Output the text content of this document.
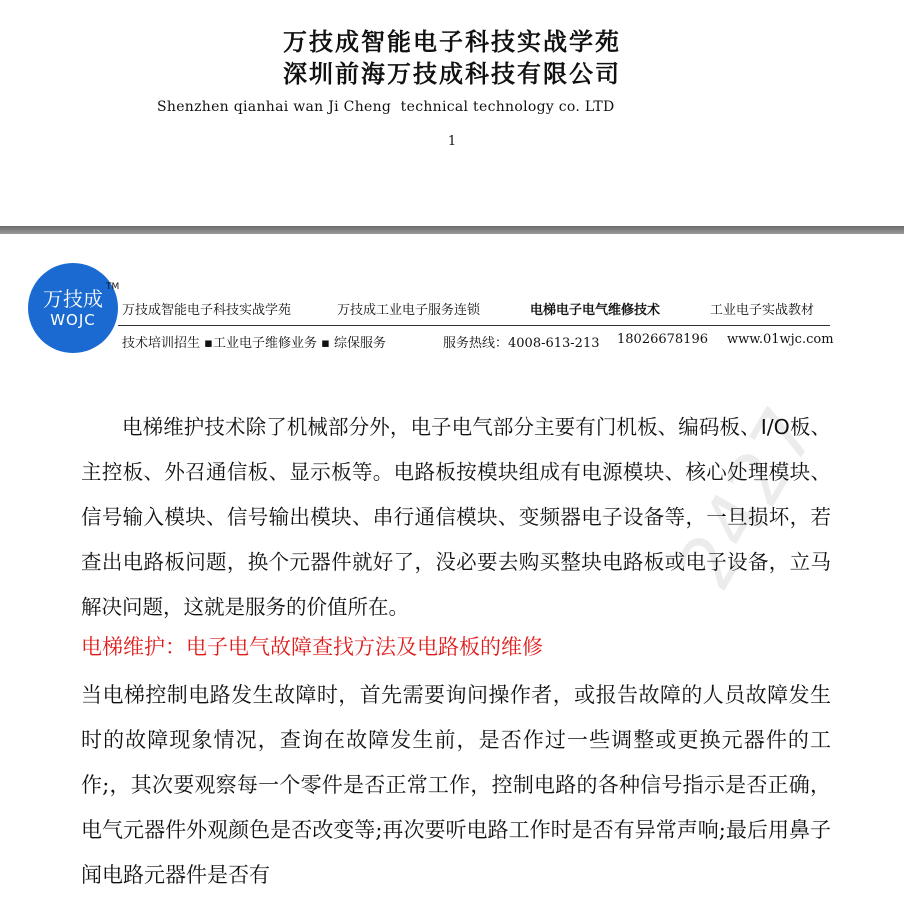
万技成智能电子科技实战学苑
深圳前海万技成科技有限公司
Shenzhen qianhai wan Ji Cheng  technical technology co. LTD
1
万技成
WOJC
TM
万技成智能电子科技实战学苑	万技成工业电子服务连锁	电梯电子电气维修技术	工业电子实战教材
技术培训招生 ▪工业电子维修业务 ▪ 综保服务	服务热线：4008-613-213 18026678196 www.01wjc.com
2427
电梯维护技术除了机械部分外，电子电气部分主要有门机板、编码板、I/O板、主控板、外召通信板、显示板等。电路板按模块组成有电源模块、核心处理模块、信号输入模块、信号输出模块、串行通信模块、变频器电子设备等，一旦损坏，若查出电路板问题，换个元器件就好了，没必要去购买整块电路板或电子设备，立马解决问题，这就是服务的价值所在。
电梯维护：电子电气故障查找方法及电路板的维修
当电梯控制电路发生故障时，首先需要询问操作者，或报告故障的人员故障发生时的故障现象情况，查询在故障发生前，是否作过一些调整或更换元器件的工作;，其次要观察每一个零件是否正常工作，控制电路的各种信号指示是否正确，电气元器件外观颜色是否改变等;再次要听电路工作时是否有异常声响;最后用鼻子闻电路元器件是否有
